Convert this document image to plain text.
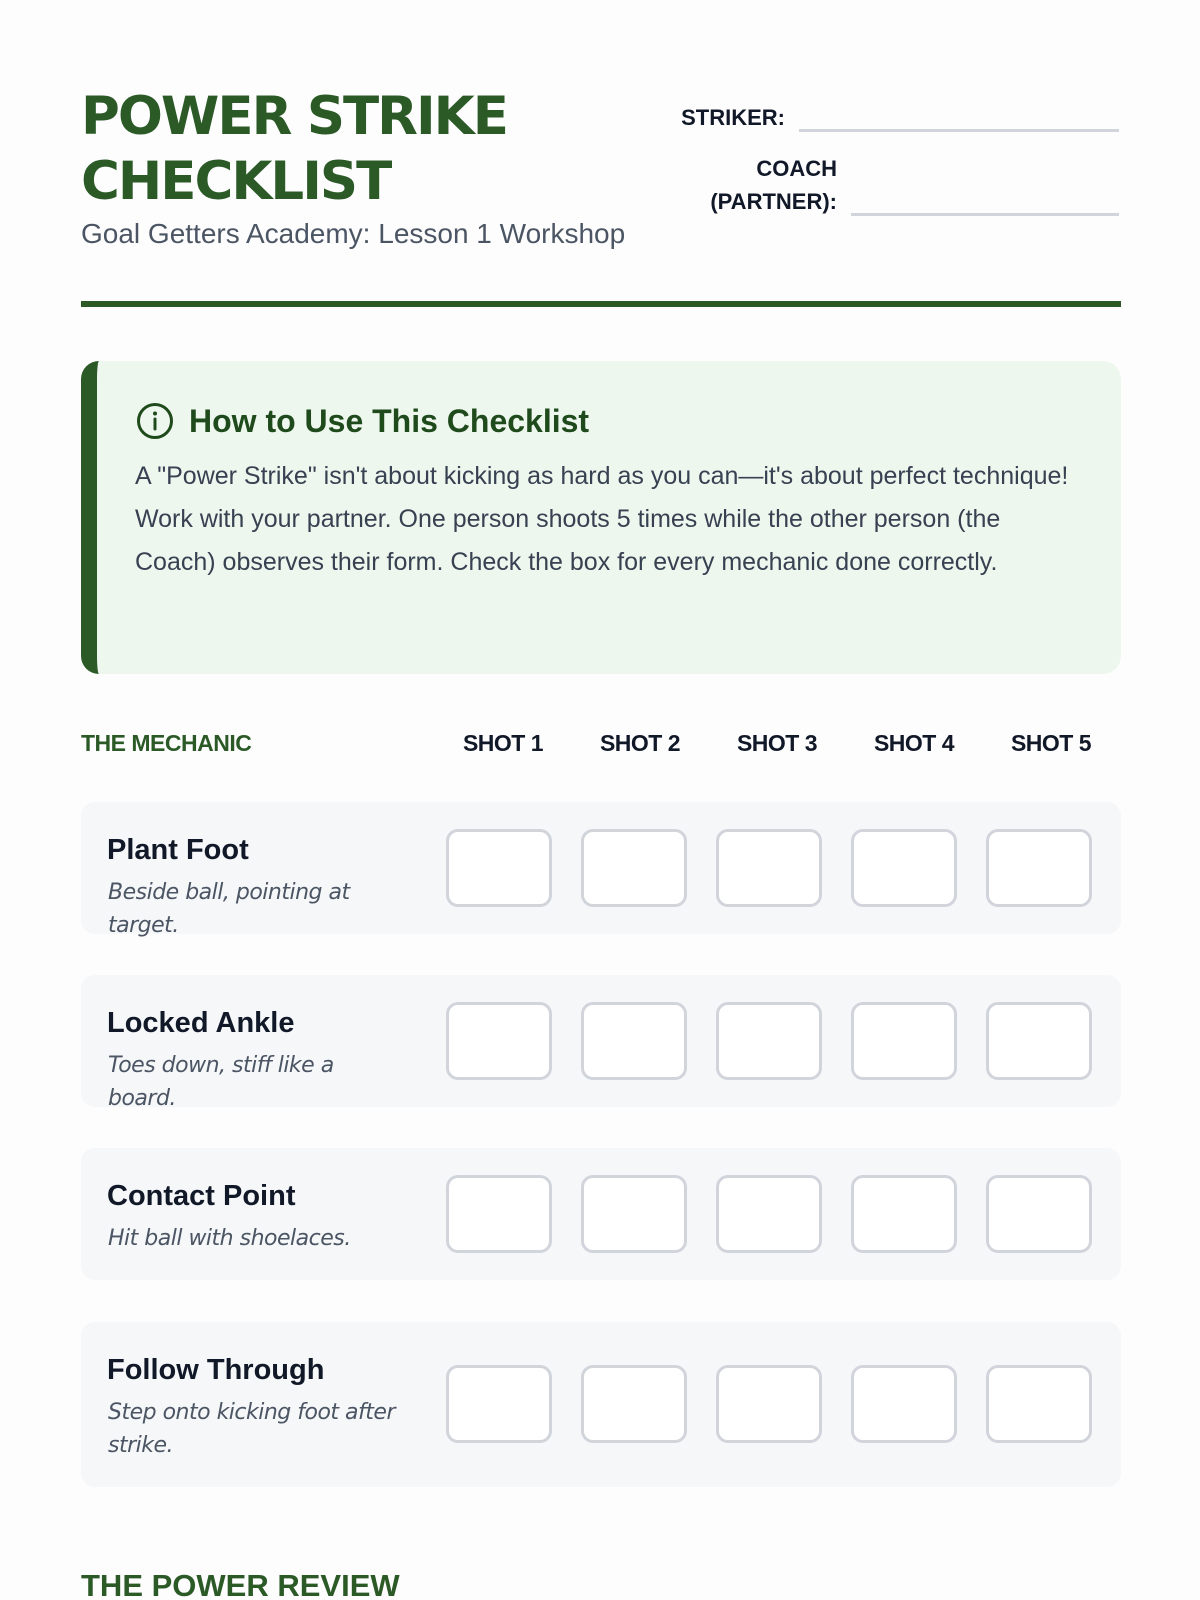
POWER STRIKE
CHECKLIST
Goal Getters Academy: Lesson 1 Workshop
STRIKER:
COACH
(PARTNER):
How to Use This Checklist
A "Power Strike" isn't about kicking as hard as you can—it's about perfect technique! Work with your partner. One person shoots 5 times while the other person (the Coach) observes their form. Check the box for every mechanic done correctly.
THE MECHANIC	SHOT 1	SHOT 2	SHOT 3	SHOT 4	SHOT 5
Plant Foot
Beside ball, pointing at target.
Locked Ankle
Toes down, stiff like a board.
Contact Point
Hit ball with shoelaces.
Follow Through
Step onto kicking foot after strike.
THE POWER REVIEW
